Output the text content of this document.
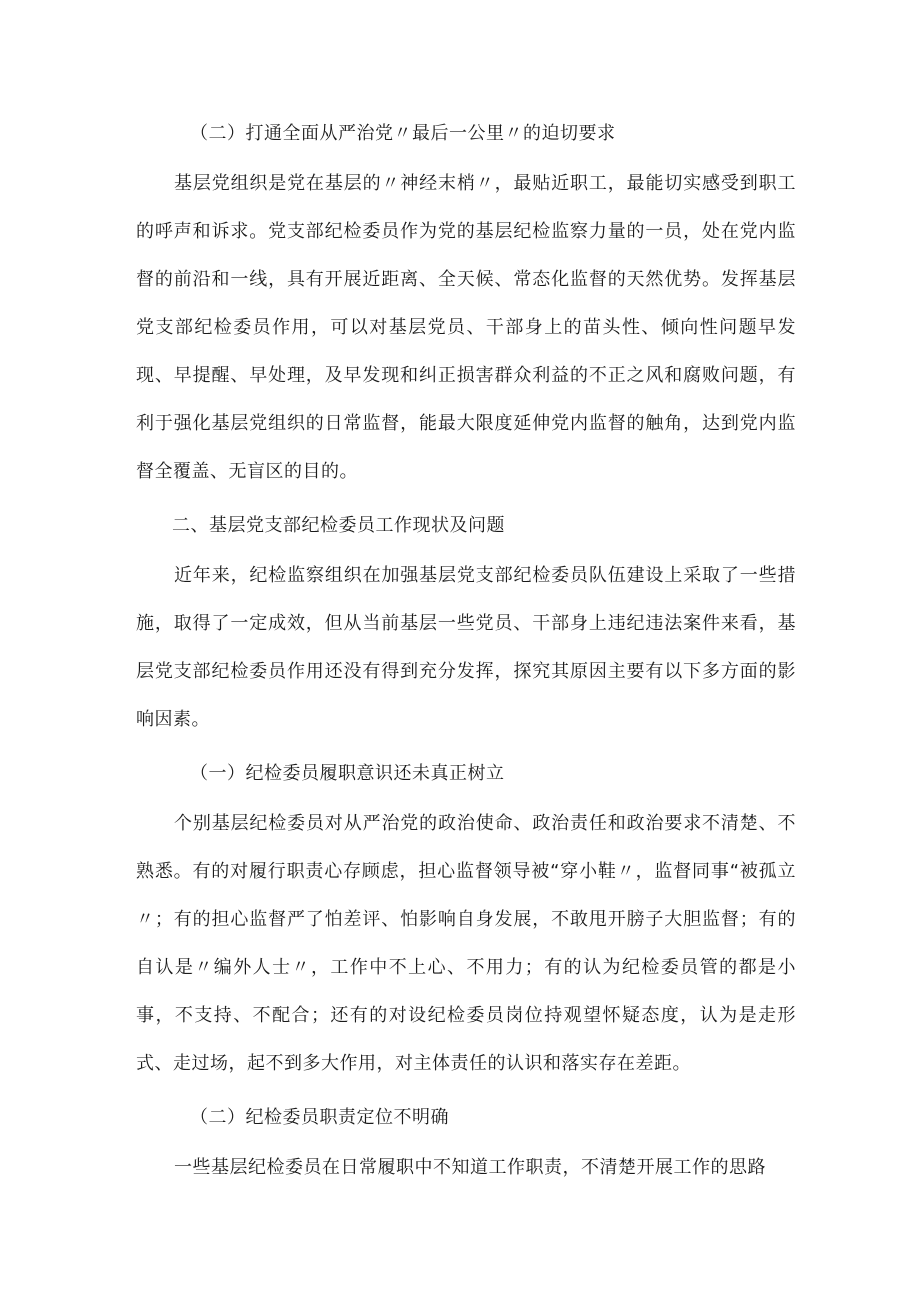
（二）打通全面从严治党〃最后一公里〃的迫切要求

基层党组织是党在基层的〃神经末梢〃，最贴近职工，最能切实感受到职工的呼声和诉求。党支部纪检委员作为党的基层纪检监察力量的一员，处在党内监督的前沿和一线，具有开展近距离、全天候、常态化监督的天然优势。发挥基层党支部纪检委员作用，可以对基层党员、干部身上的苗头性、倾向性问题早发现、早提醒、早处理，及早发现和纠正损害群众利益的不正之风和腐败问题，有利于强化基层党组织的日常监督，能最大限度延伸党内监督的触角，达到党内监督全覆盖、无盲区的目的。

二、基层党支部纪检委员工作现状及问题

近年来，纪检监察组织在加强基层党支部纪检委员队伍建设上采取了一些措施，取得了一定成效，但从当前基层一些党员、干部身上违纪违法案件来看，基层党支部纪检委员作用还没有得到充分发挥，探究其原因主要有以下多方面的影响因素。

（一）纪检委员履职意识还未真正树立

个别基层纪检委员对从严治党的政治使命、政治责任和政治要求不清楚、不熟悉。有的对履行职责心存顾虑，担心监督领导被“穿小鞋〃，监督同事“被孤立〃；有的担心监督严了怕差评、怕影响自身发展，不敢甩开膀子大胆监督；有的自认是〃编外人士〃，工作中不上心、不用力；有的认为纪检委员管的都是小事，不支持、不配合；还有的对设纪检委员岗位持观望怀疑态度，认为是走形式、走过场，起不到多大作用，对主体责任的认识和落实存在差距。

（二）纪检委员职责定位不明确

一些基层纪检委员在日常履职中不知道工作职责，不清楚开展工作的思路
